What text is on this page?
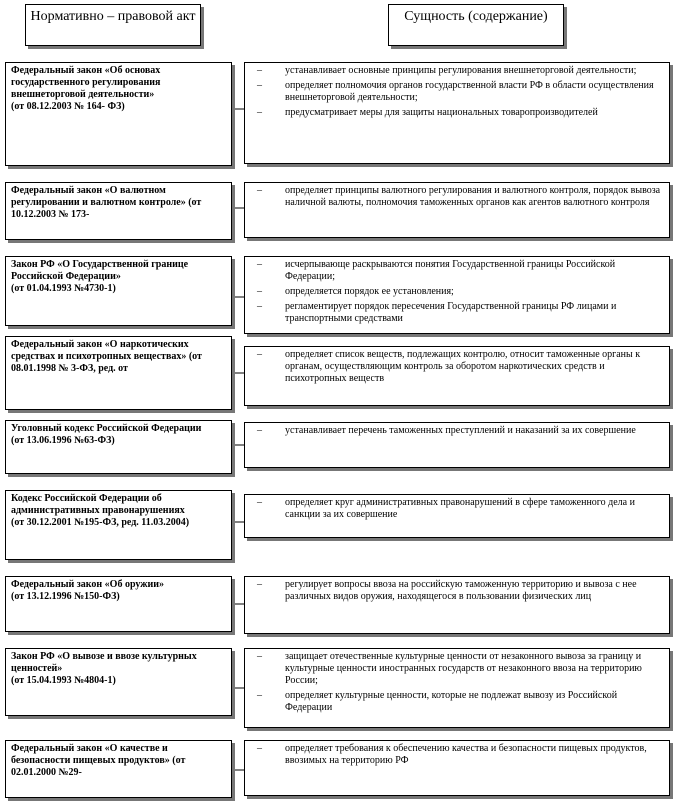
Нормативно – правовой акт	Сущность (содержание)
Федеральный закон «Об основах государственного регулирования внешнеторговой деятельности»
(от 08.12.2003 № 164- ФЗ)
– устанавливает основные принципы регулирования внешнеторговой деятельности;
– определяет полномочия органов государственной власти РФ в области осуществления внешнеторговой деятельности;
– предусматривает меры для защиты национальных товаропроизводителей
Федеральный закон «О валютном регулировании и валютном контроле» (от 10.12.2003 № 173-
– определяет принципы валютного регулирования и валютного контроля, порядок вывоза наличной валюты, полномочия таможенных органов как агентов валютного контроля
Закон РФ «О Государственной границе Российской Федерации»
(от 01.04.1993 №4730-1)
– исчерпывающе раскрываются понятия Государственной границы Российской Федерации;
– определяется порядок ее установления;
– регламентирует порядок пересечения Государственной границы РФ лицами и транспортными средствами
Федеральный закон «О наркотических средствах и психотропных веществах» (от 08.01.1998 № 3-ФЗ, ред. от
– определяет список веществ, подлежащих контролю, относит таможенные органы к органам, осуществляющим контроль за оборотом наркотических средств и психотропных веществ
Уголовный кодекс Российской Федерации
(от 13.06.1996 №63-ФЗ)
– устанавливает перечень таможенных преступлений и наказаний за их совершение
Кодекс Российской Федерации об административных правонарушениях
(от 30.12.2001 №195-ФЗ, ред. 11.03.2004)
– определяет круг административных правонарушений в сфере таможенного дела и санкции за их совершение
Федеральный закон «Об оружии»
(от 13.12.1996 №150-ФЗ)
– регулирует вопросы ввоза на российскую таможенную территорию и вывоза с нее различных видов оружия, находящегося в пользовании физических лиц
Закон РФ «О вывозе и ввозе культурных ценностей»
(от 15.04.1993 №4804-1)
– защищает отечественные культурные ценности от незаконного вывоза за границу и культурные ценности иностранных государств от незаконного ввоза на территорию России;
– определяет культурные ценности, которые не подлежат вывозу из Российской Федерации
Федеральный закон «О качестве и безопасности пищевых продуктов» (от 02.01.2000 №29-
– определяет требования к обеспечению качества и безопасности пищевых продуктов, ввозимых на территорию РФ
